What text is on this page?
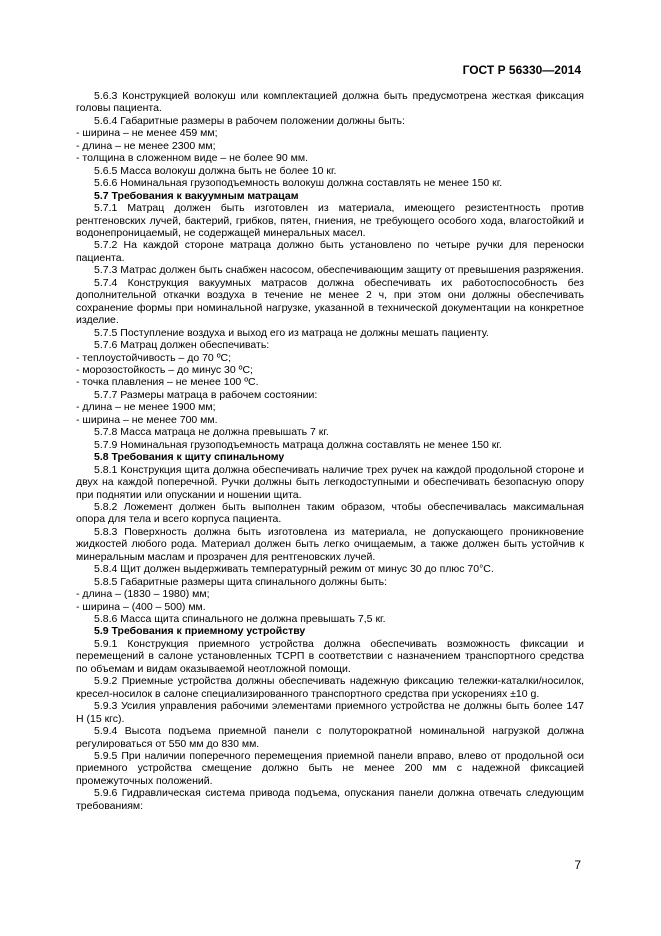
ГОСТ Р 56330—2014

5.6.3 Конструкцией волокуш или комплектацией должна быть предусмотрена жесткая фиксация головы пациента.

5.6.4 Габаритные размеры в рабочем положении должны быть:

- ширина – не менее 459 мм;

- длина – не менее 2300 мм;

- толщина в сложенном виде – не более 90 мм.

5.6.5 Масса волокуш должна быть не более 10 кг.

5.6.6 Номинальная грузоподъемность волокуш должна составлять не менее 150 кг.

5.7 Требования к вакуумным матрацам

5.7.1 Матрац должен быть изготовлен из материала, имеющего резистентность против рентгеновских лучей, бактерий, грибков, пятен, гниения, не требующего особого хода, влагостойкий и водонепроницаемый, не содержащей минеральных масел.

5.7.2 На каждой стороне матраца должно быть установлено по четыре ручки для переноски пациента.

5.7.3 Матрас должен быть снабжен насосом, обеспечивающим защиту от превышения разряжения.

5.7.4 Конструкция вакуумных матрасов должна обеспечивать их работоспособность без дополнительной откачки воздуха в течение не менее 2 ч, при этом они должны обеспечивать сохранение формы при номинальной нагрузке, указанной в технической документации на конкретное изделие.

5.7.5 Поступление воздуха и выход его из матраца не должны мешать пациенту.

5.7.6 Матрац должен обеспечивать:

- теплоустойчивость – до 70 ºС;

- морозостойкость – до минус 30 ºС;

- точка плавления – не менее 100 ºС.

5.7.7 Размеры матраца в рабочем состоянии:

- длина – не менее 1900 мм;

- ширина – не менее 700 мм.

5.7.8 Масса матраца не должна превышать 7 кг.

5.7.9 Номинальная грузоподъемность матраца должна составлять не менее 150 кг.

5.8 Требования к щиту спинальному

5.8.1 Конструкция щита должна обеспечивать наличие трех ручек на каждой продольной стороне и двух на каждой поперечной. Ручки должны быть легкодоступными и обеспечивать безопасную опору при поднятии или опускании и ношении щита.

5.8.2 Ложемент должен быть выполнен таким образом, чтобы обеспечивалась максимальная опора для тела и всего корпуса пациента.

5.8.3 Поверхность должна быть изготовлена из материала, не допускающего проникновение жидкостей любого рода. Материал должен быть легко очищаемым, а также должен быть устойчив к минеральным маслам и прозрачен для рентгеновских лучей.

5.8.4 Щит должен выдерживать температурный режим от минус 30 до плюс 70°С.

5.8.5 Габаритные размеры щита спинального должны быть:

- длина – (1830 – 1980) мм;

- ширина – (400 – 500) мм.

5.8.6 Масса щита спинального не должна превышать 7,5 кг.

5.9 Требования к приемному устройству

5.9.1 Конструкция приемного устройства должна обеспечивать возможность фиксации и перемещений в салоне установленных ТСРП в соответствии с назначением транспортного средства по объемам и видам оказываемой неотложной помощи.

5.9.2 Приемные устройства должны обеспечивать надежную фиксацию тележки-каталки/носилок, кресел-носилок в салоне специализированного транспортного средства при ускорениях ±10 g.

5.9.3 Усилия управления рабочими элементами приемного устройства не должны быть более 147 Н (15 кгс).

5.9.4 Высота подъема приемной панели с полуторократной номинальной нагрузкой должна регулироваться от 550 мм до 830 мм.

5.9.5 При наличии поперечного перемещения приемной панели вправо, влево от продольной оси приемного устройства смещение должно быть не менее 200 мм с надежной фиксацией промежуточных положений.

5.9.6 Гидравлическая система привода подъема, опускания панели должна отвечать следующим требованиям:

7
